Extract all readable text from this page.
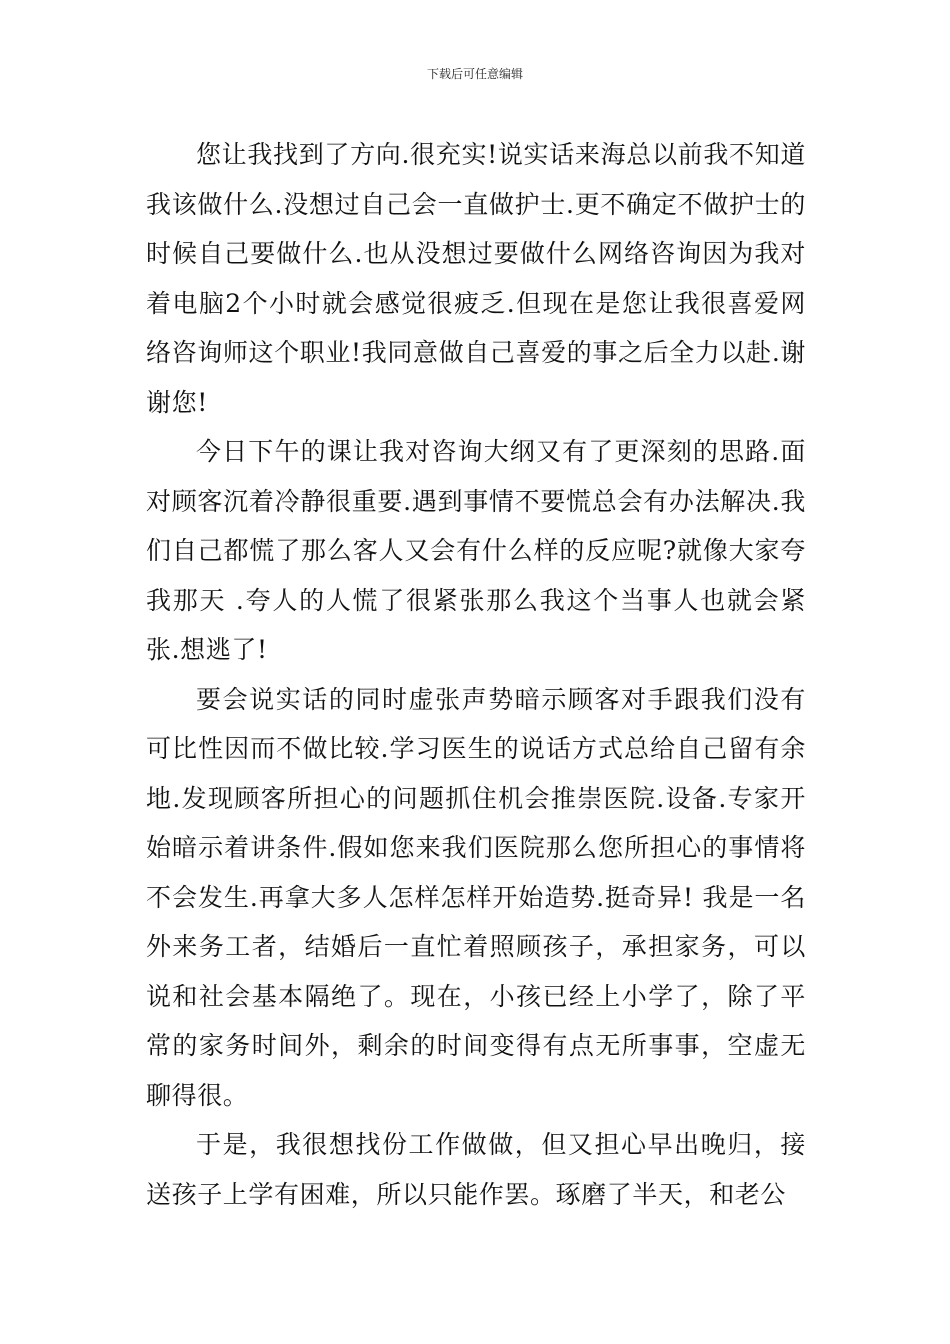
下载后可任意编辑

您让我找到了方向.很充实!说实话来海总以前我不知道我该做什么.没想过自己会一直做护士.更不确定不做护士的时候自己要做什么.也从没想过要做什么网络咨询因为我对着电脑2个小时就会感觉很疲乏.但现在是您让我很喜爱网络咨询师这个职业!我同意做自己喜爱的事之后全力以赴.谢谢您!

今日下午的课让我对咨询大纲又有了更深刻的思路.面对顾客沉着冷静很重要.遇到事情不要慌总会有办法解决.我们自己都慌了那么客人又会有什么样的反应呢?就像大家夸我那天 .夸人的人慌了很紧张那么我这个当事人也就会紧张.想逃了!

要会说实话的同时虚张声势暗示顾客对手跟我们没有可比性因而不做比较.学习医生的说话方式总给自己留有余地.发现顾客所担心的问题抓住机会推崇医院.设备.专家开始暗示着讲条件.假如您来我们医院那么您所担心的事情将不会发生.再拿大多人怎样怎样开始造势.挺奇异! 我是一名外来务工者，结婚后一直忙着照顾孩子，承担家务，可以说和社会基本隔绝了。现在，小孩已经上小学了，除了平常的家务时间外，剩余的时间变得有点无所事事，空虚无聊得很。

于是，我很想找份工作做做，但又担心早出晚归，接送孩子上学有困难，所以只能作罢。琢磨了半天，和老公
